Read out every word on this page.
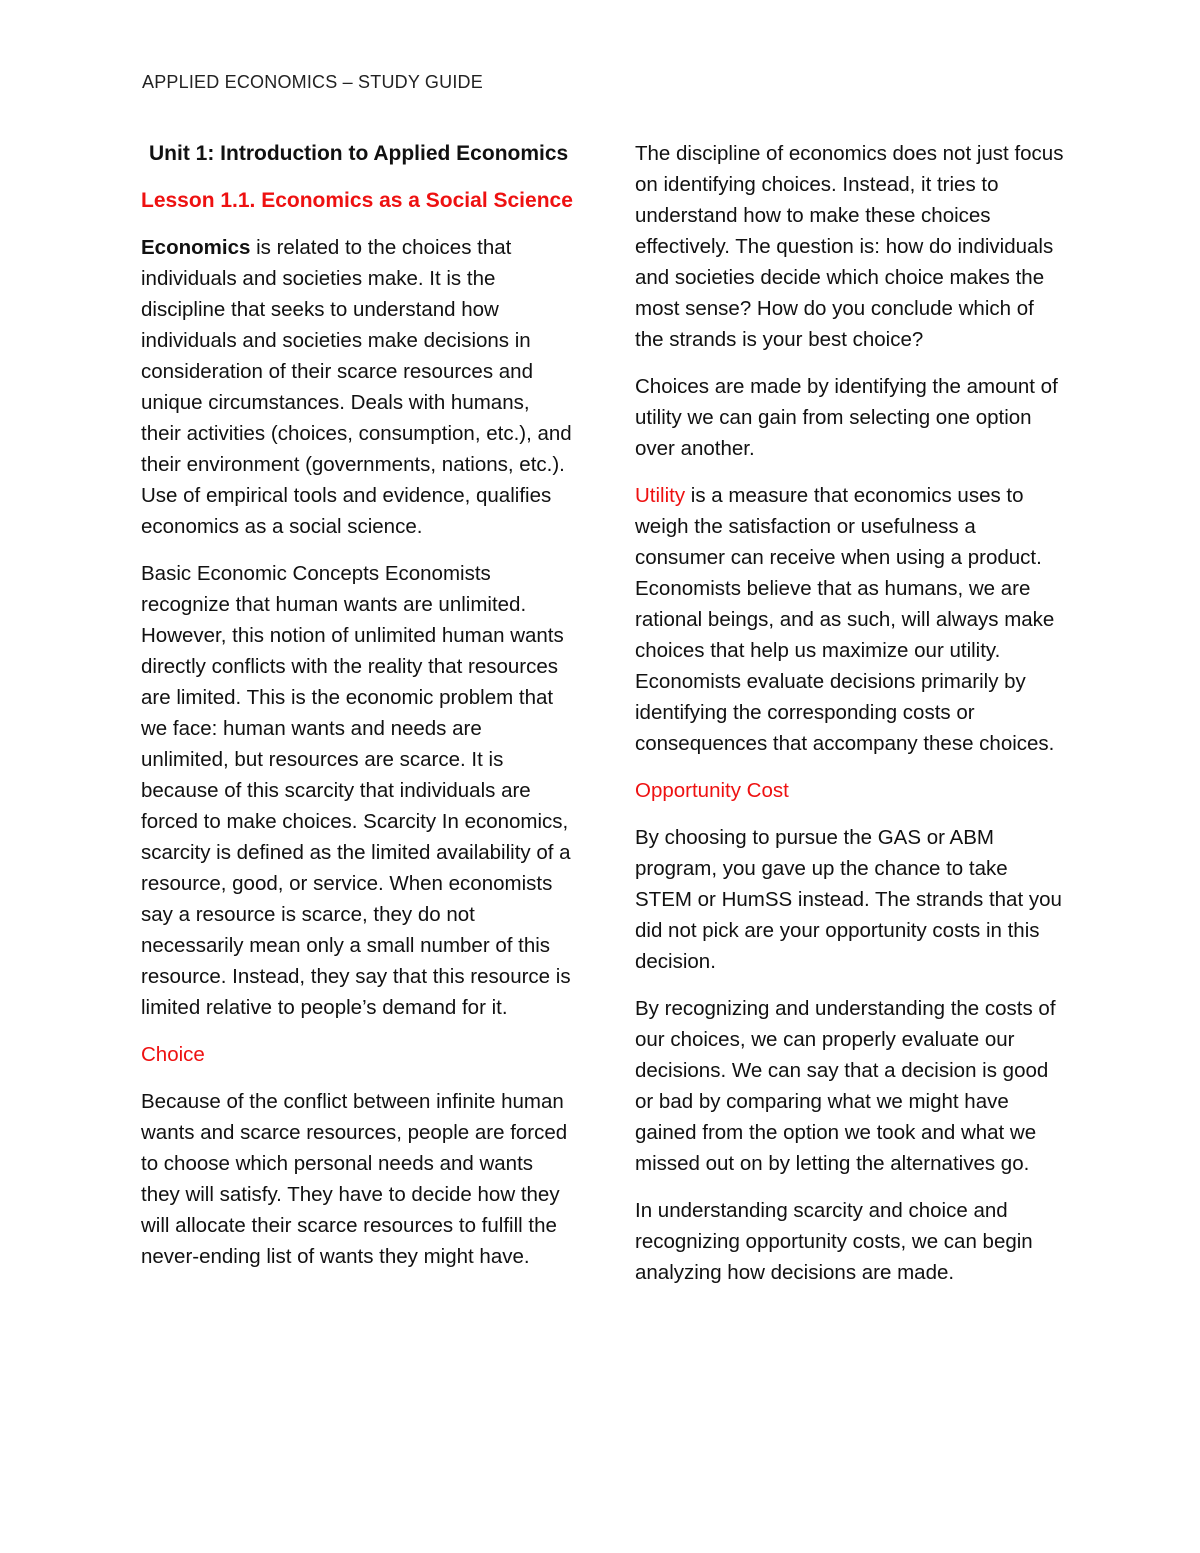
APPLIED ECONOMICS – STUDY GUIDE
Unit 1: Introduction to Applied Economics
Lesson 1.1. Economics as a Social Science

Economics is related to the choices that individuals and societies make. It is the discipline that seeks to understand how individuals and societies make decisions in consideration of their scarce resources and unique circumstances. Deals with humans, their activities (choices, consumption, etc.), and their environment (governments, nations, etc.). Use of empirical tools and evidence, qualifies economics as a social science.

Basic Economic Concepts Economists recognize that human wants are unlimited. However, this notion of unlimited human wants directly conflicts with the reality that resources are limited. This is the economic problem that we face: human wants and needs are unlimited, but resources are scarce. It is because of this scarcity that individuals are forced to make choices. Scarcity In economics, scarcity is defined as the limited availability of a resource, good, or service. When economists say a resource is scarce, they do not necessarily mean only a small number of this resource. Instead, they say that this resource is limited relative to people’s demand for it.

Choice

Because of the conflict between infinite human wants and scarce resources, people are forced to choose which personal needs and wants they will satisfy. They have to decide how they will allocate their scarce resources to fulfill the never-ending list of wants they might have.

The discipline of economics does not just focus on identifying choices. Instead, it tries to understand how to make these choices effectively. The question is: how do individuals and societies decide which choice makes the most sense? How do you conclude which of the strands is your best choice?

Choices are made by identifying the amount of utility we can gain from selecting one option over another.

Utility is a measure that economics uses to weigh the satisfaction or usefulness a consumer can receive when using a product. Economists believe that as humans, we are rational beings, and as such, will always make choices that help us maximize our utility. Economists evaluate decisions primarily by identifying the corresponding costs or consequences that accompany these choices.

Opportunity Cost

By choosing to pursue the GAS or ABM program, you gave up the chance to take STEM or HumSS instead. The strands that you did not pick are your opportunity costs in this decision.

By recognizing and understanding the costs of our choices, we can properly evaluate our decisions. We can say that a decision is good or bad by comparing what we might have gained from the option we took and what we missed out on by letting the alternatives go.

In understanding scarcity and choice and recognizing opportunity costs, we can begin analyzing how decisions are made.
